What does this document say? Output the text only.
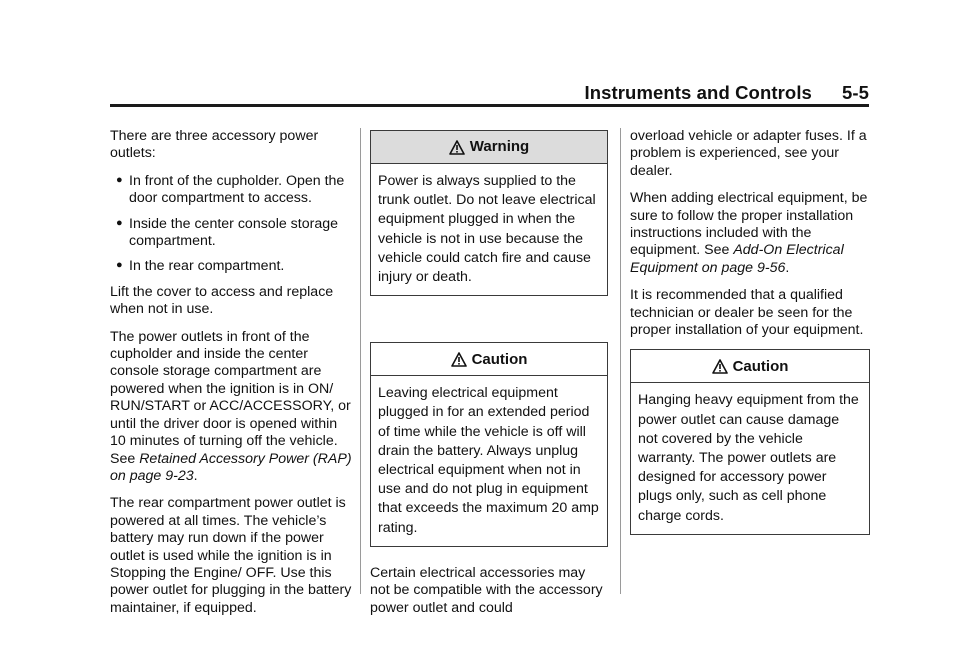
Instruments and Controls 5-5

There are three accessory power outlets:

● In front of the cupholder. Open the door compartment to access.
● Inside the center console storage compartment.
● In the rear compartment.

Lift the cover to access and replace when not in use.

The power outlets in front of the cupholder and inside the center console storage compartment are powered when the ignition is in ON/ RUN/START or ACC/ACCESSORY, or until the driver door is opened within 10 minutes of turning off the vehicle. See Retained Accessory Power (RAP) on page 9-23.

The rear compartment power outlet is powered at all times. The vehicle’s battery may run down if the power outlet is used while the ignition is in Stopping the Engine/ OFF. Use this power outlet for plugging in the battery maintainer, if equipped.

Warning
Power is always supplied to the trunk outlet. Do not leave electrical equipment plugged in when the vehicle is not in use because the vehicle could catch fire and cause injury or death.
Caution
Leaving electrical equipment plugged in for an extended period of time while the vehicle is off will drain the battery. Always unplug electrical equipment when not in use and do not plug in equipment that exceeds the maximum 20 amp rating.

Certain electrical accessories may not be compatible with the accessory power outlet and could

overload vehicle or adapter fuses. If a problem is experienced, see your dealer.

When adding electrical equipment, be sure to follow the proper installation instructions included with the equipment. See Add-On Electrical Equipment on page 9-56.

It is recommended that a qualified technician or dealer be seen for the proper installation of your equipment.

Caution
Hanging heavy equipment from the power outlet can cause damage not covered by the vehicle warranty. The power outlets are designed for accessory power plugs only, such as cell phone charge cords.
